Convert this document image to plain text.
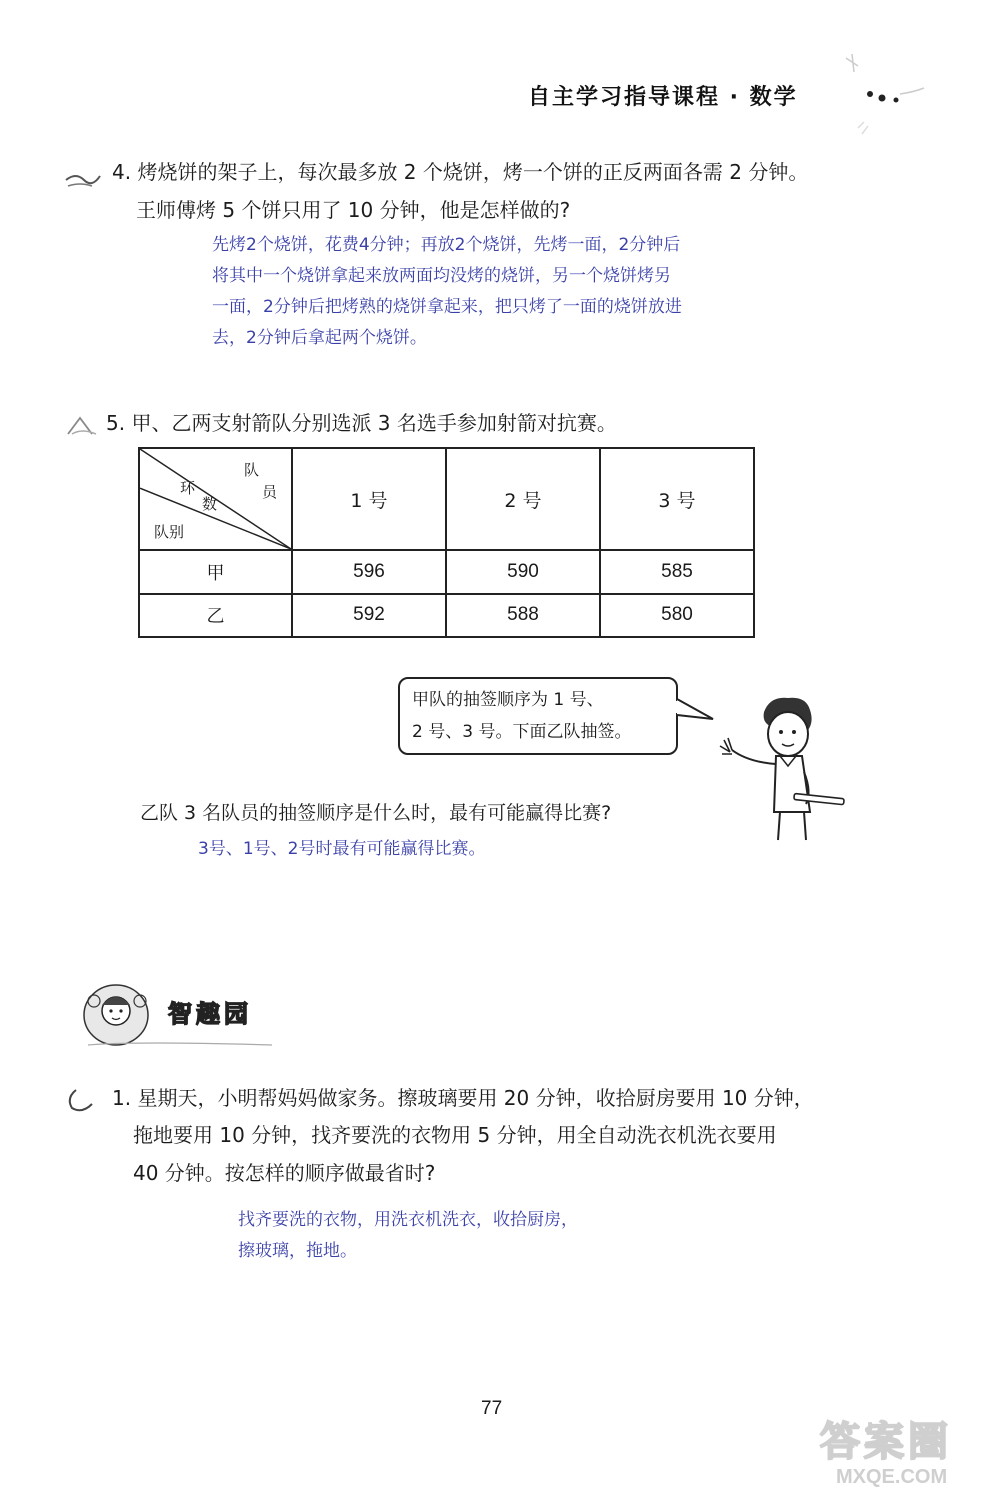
自主学习指导课程 · 数学
4. 烤烧饼的架子上，每次最多放 2 个烧饼，烤一个饼的正反两面各需 2 分钟。
王师傅烤 5 个饼只用了 10 分钟，他是怎样做的?
先烤2个烧饼，花费4分钟；再放2个烧饼，先烤一面，2分钟后
将其中一个烧饼拿起来放两面均没烤的烧饼，另一个烧饼烤另
一面，2分钟后把烤熟的烧饼拿起来，把只烤了一面的烧饼放进
去，2分钟后拿起两个烧饼。
5. 甲、乙两支射箭队分别选派 3 名选手参加射箭对抗赛。
队
员
环
数
队别	1 号	2 号	3 号
甲	596	590	585
乙	592	588	580
甲队的抽签顺序为 1 号、
2 号、3 号。下面乙队抽签。
乙队 3 名队员的抽签顺序是什么时，最有可能赢得比赛?
3号、1号、2号时最有可能赢得比赛。
智趣园
1. 星期天，小明帮妈妈做家务。擦玻璃要用 20 分钟，收拾厨房要用 10 分钟，
拖地要用 10 分钟，找齐要洗的衣物用 5 分钟，用全自动洗衣机洗衣要用
40 分钟。按怎样的顺序做最省时?
找齐要洗的衣物，用洗衣机洗衣，收拾厨房，
擦玻璃，拖地。
77
答案圈
MXQE.COM
